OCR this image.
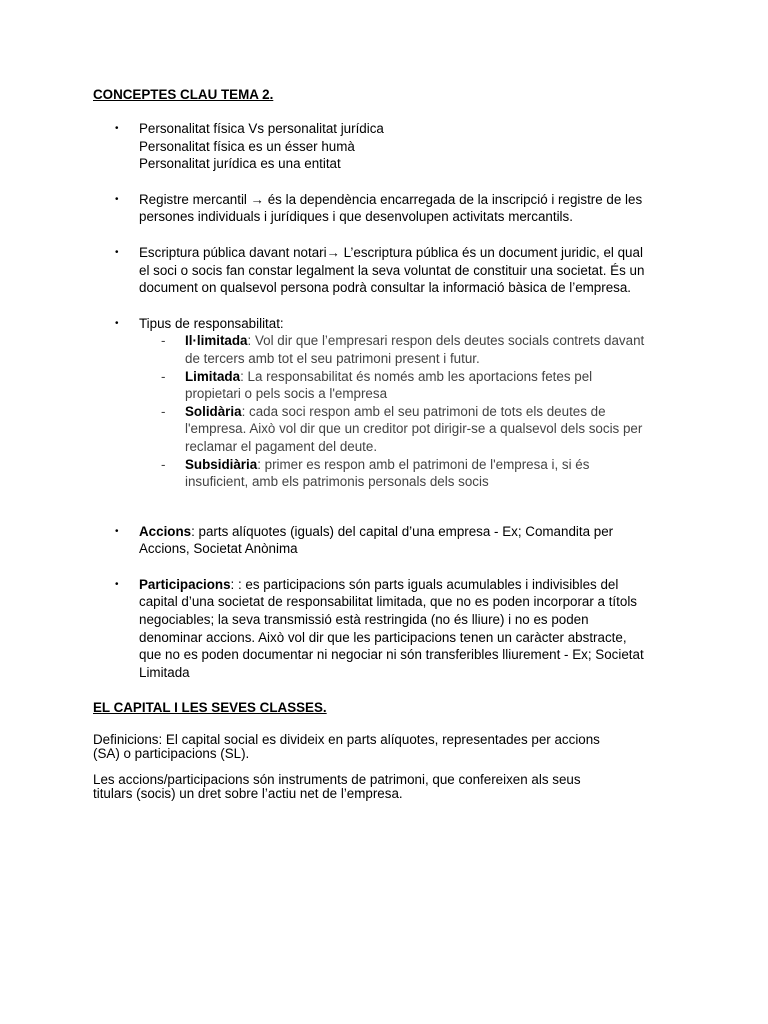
CONCEPTES CLAU TEMA 2.
• Personalitat física Vs personalitat jurídica
Personalitat física es un ésser humà
Personalitat jurídica es una entitat
• Registre mercantil → és la dependència encarregada de la inscripció i registre de les
persones individuals i jurídiques i que desenvolupen activitats mercantils.
• Escriptura pública davant notari→ L’escriptura pública és un document juridic, el qual
el soci o socis fan constar legalment la seva voluntat de constituir una societat. És un
document on qualsevol persona podrà consultar la informació bàsica de l’empresa.
• Tipus de responsabilitat:
- Il·limitada: Vol dir que l’empresari respon dels deutes socials contrets davant
de tercers amb tot el seu patrimoni present i futur.
- Limitada: La responsabilitat és només amb les aportacions fetes pel
propietari o pels socis a l'empresa
- Solidària: cada soci respon amb el seu patrimoni de tots els deutes de
l'empresa. Això vol dir que un creditor pot dirigir-se a qualsevol dels socis per
reclamar el pagament del deute.
- Subsidiària: primer es respon amb el patrimoni de l'empresa i, si és
insuficient, amb els patrimonis personals dels socis
• Accions: parts alíquotes (iguals) del capital d’una empresa - Ex; Comandita per
Accions, Societat Anònima
• Participacions: : es participacions són parts iguals acumulables i indivisibles del
capital d’una societat de responsabilitat limitada, que no es poden incorporar a títols
negociables; la seva transmissió està restringida (no és lliure) i no es poden
denominar accions. Això vol dir que les participacions tenen un caràcter abstracte,
que no es poden documentar ni negociar ni són transferibles lliurement - Ex; Societat
Limitada
EL CAPITAL I LES SEVES CLASSES.
Definicions: El capital social es divideix en parts alíquotes, representades per accions
(SA) o participacions (SL).
Les accions/participacions són instruments de patrimoni, que confereixen als seus
titulars (socis) un dret sobre l’actiu net de l’empresa.
